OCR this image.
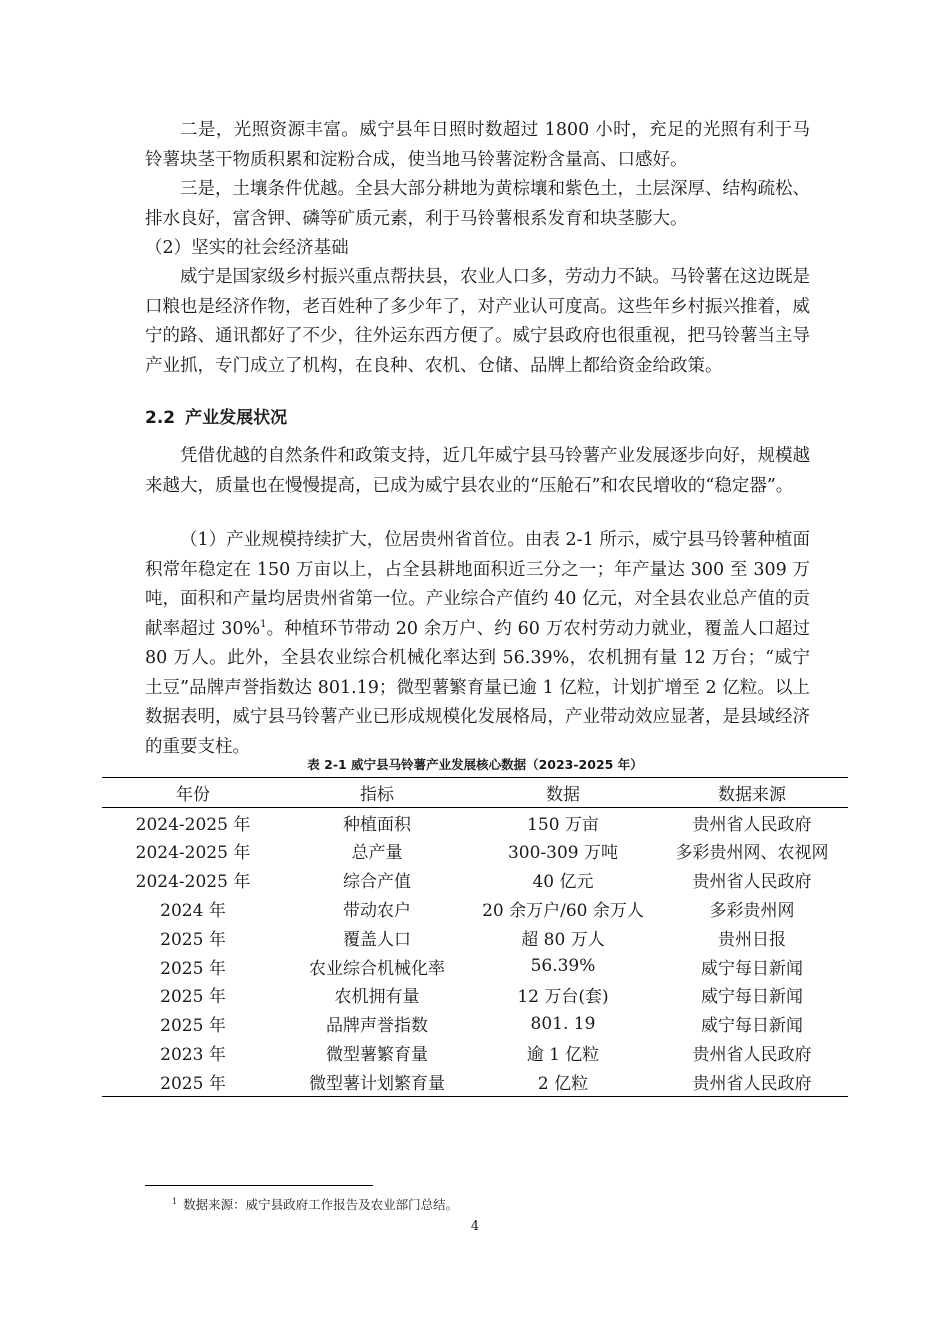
二是，光照资源丰富。威宁县年日照时数超过 1800 小时，充足的光照有利于马铃薯块茎干物质积累和淀粉合成，使当地马铃薯淀粉含量高、口感好。

三是，土壤条件优越。全县大部分耕地为黄棕壤和紫色土，土层深厚、结构疏松、排水良好，富含钾、磷等矿质元素，利于马铃薯根系发育和块茎膨大。

（2）坚实的社会经济基础

威宁是国家级乡村振兴重点帮扶县，农业人口多，劳动力不缺。马铃薯在这边既是口粮也是经济作物，老百姓种了多少年了，对产业认可度高。这些年乡村振兴推着，威宁的路、通讯都好了不少，往外运东西方便了。威宁县政府也很重视，把马铃薯当主导产业抓，专门成立了机构，在良种、农机、仓储、品牌上都给资金给政策。

2.2 产业发展状况

凭借优越的自然条件和政策支持，近几年威宁县马铃薯产业发展逐步向好，规模越来越大，质量也在慢慢提高，已成为威宁县农业的“压舱石”和农民增收的“稳定器”。

（1）产业规模持续扩大，位居贵州省首位。由表 2-1 所示，威宁县马铃薯种植面积常年稳定在 150 万亩以上，占全县耕地面积近三分之一；年产量达 300 至 309 万吨，面积和产量均居贵州省第一位。产业综合产值约 40 亿元，对全县农业总产值的贡献率超过 30%$^1$。种植环节带动 20 余万户、约 60 万农村劳动力就业，覆盖人口超过 80 万人。此外，全县农业综合机械化率达到 56.39%，农机拥有量 12 万台；“威宁土豆”品牌声誉指数达 801.19；微型薯繁育量已逾 1 亿粒，计划扩增至 2 亿粒。以上数据表明，威宁县马铃薯产业已形成规模化发展格局，产业带动效应显著，是县域经济的重要支柱。

表 2-1 威宁县马铃薯产业发展核心数据（2023-2025 年）
年份	指标	数据	数据来源
2024-2025 年	种植面积	150 万亩	贵州省人民政府
2024-2025 年	总产量	300-309 万吨	多彩贵州网、农视网
2024-2025 年	综合产值	40 亿元	贵州省人民政府
2024 年	带动农户	20 余万户/60 余万人	多彩贵州网
2025 年	覆盖人口	超 80 万人	贵州日报
2025 年	农业综合机械化率	56.39%	威宁每日新闻
2025 年	农机拥有量	12 万台(套)	威宁每日新闻
2025 年	品牌声誉指数	801. 19	威宁每日新闻
2023 年	微型薯繁育量	逾 1 亿粒	贵州省人民政府
2025 年	微型薯计划繁育量	2 亿粒	贵州省人民政府
$^1$ 数据来源：威宁县政府工作报告及农业部门总结。
4
